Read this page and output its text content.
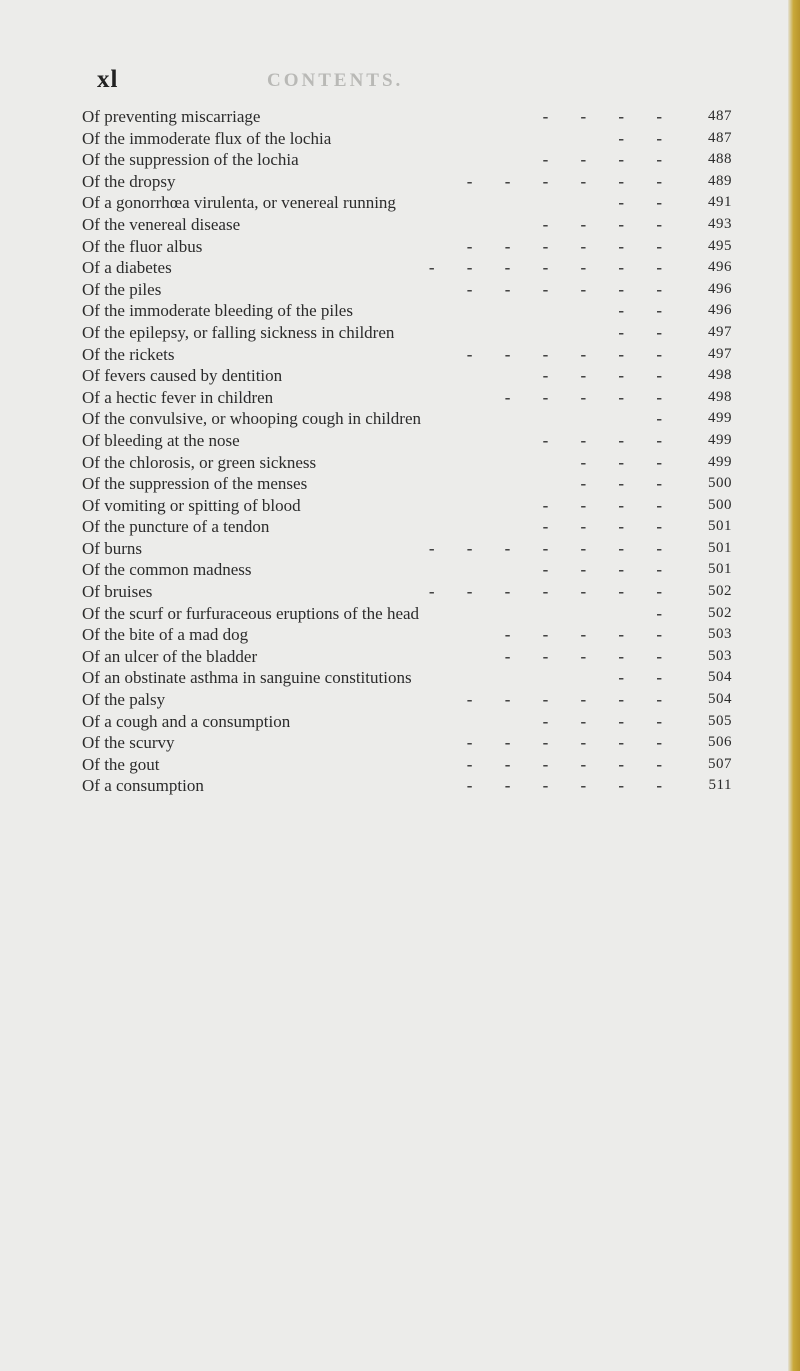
xl	CONTENTS.
Of preventing miscarriage	- - - -	487
Of the immoderate flux of the lochia	- -	487
Of the suppression of the lochia	- - - -	488
Of the dropsy	- - - - - -	489
Of a gonorrhœa virulenta, or venereal running	- -	491
Of the venereal disease	- - - -	493
Of the fluor albus	- - - - - -	495
Of a diabetes	- - - - - - -	496
Of the piles	- - - - - -	496
Of the immoderate bleeding of the piles	- -	496
Of the epilepsy, or falling sickness in children	- -	497
Of the rickets	- - - - - -	497
Of fevers caused by dentition	- - - -	498
Of a hectic fever in children	- - - - -	498
Of the convulsive, or whooping cough in children	-	499
Of bleeding at the nose	- - - -	499
Of the chlorosis, or green sickness	- - -	499
Of the suppression of the menses	- - -	500
Of vomiting or spitting of blood	- - - -	500
Of the puncture of a tendon	- - - -	501
Of burns	- - - - - - -	501
Of the common madness	- - - -	501
Of bruises	- - - - - - -	502
Of the scurf or furfuraceous eruptions of the head	-	502
Of the bite of a mad dog	- - - - -	503
Of an ulcer of the bladder	- - - - -	503
Of an obstinate asthma in sanguine constitutions	- -	504
Of the palsy	- - - - - -	504
Of a cough and a consumption	- - - -	505
Of the scurvy	- - - - - -	506
Of the gout	- - - - - -	507
Of a consumption	- - - - - -	511
